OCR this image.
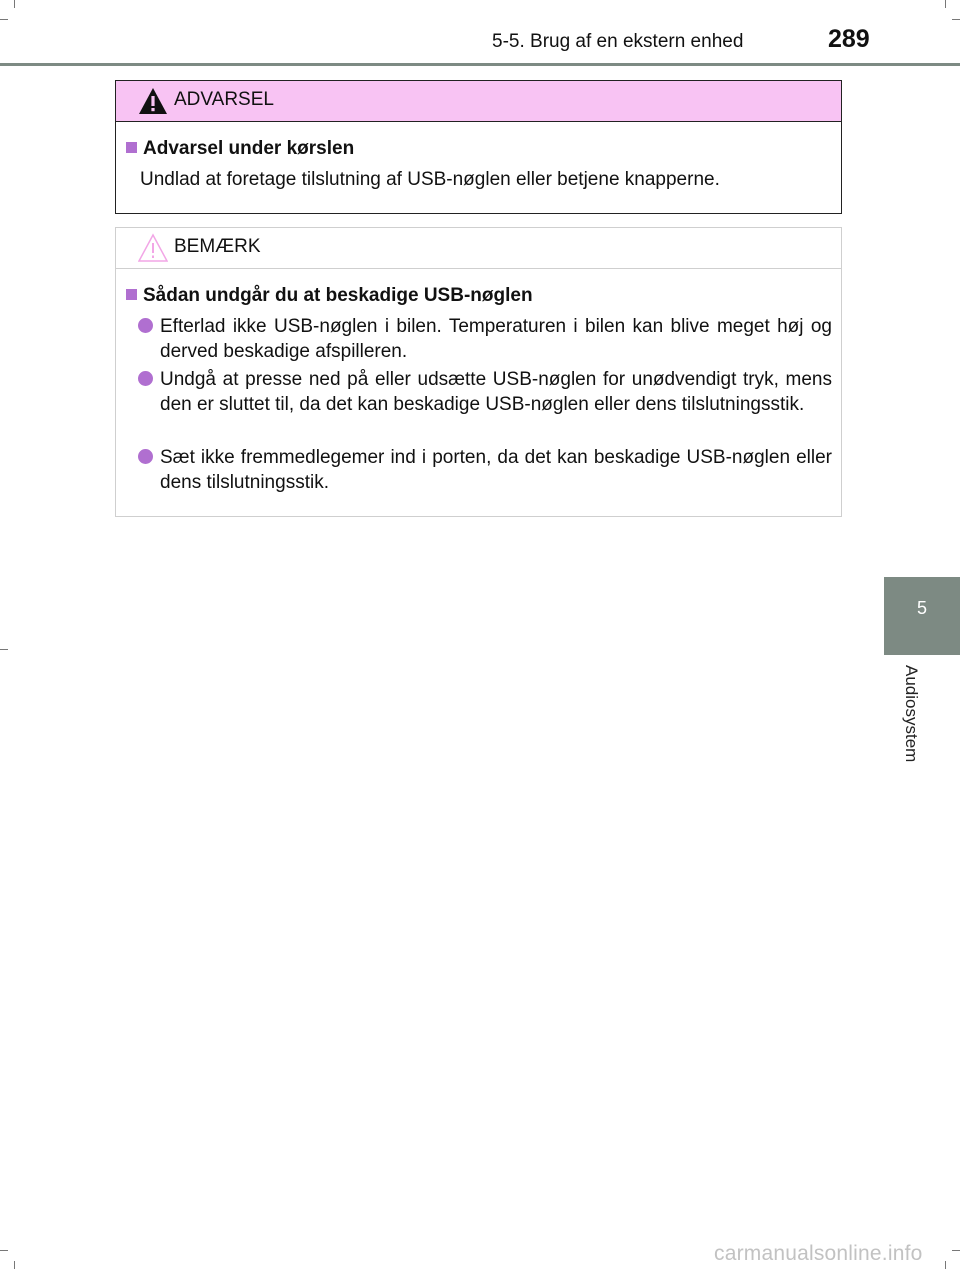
5-5. Brug af en ekstern enhed	289
ADVARSEL
Advarsel under kørslen
Undlad at foretage tilslutning af USB-nøglen eller betjene knapperne.
BEMÆRK
Sådan undgår du at beskadige USB-nøglen
Efterlad ikke USB-nøglen i bilen. Temperaturen i bilen kan blive meget høj og derved beskadige afspilleren.
Undgå at presse ned på eller udsætte USB-nøglen for unødvendigt tryk, mens den er sluttet til, da det kan beskadige USB-nøglen eller dens tilslutningsstik.
Sæt ikke fremmedlegemer ind i porten, da det kan beskadige USB-nøglen eller dens tilslutningsstik.
5
Audiosystem
carmanualsonline.info
